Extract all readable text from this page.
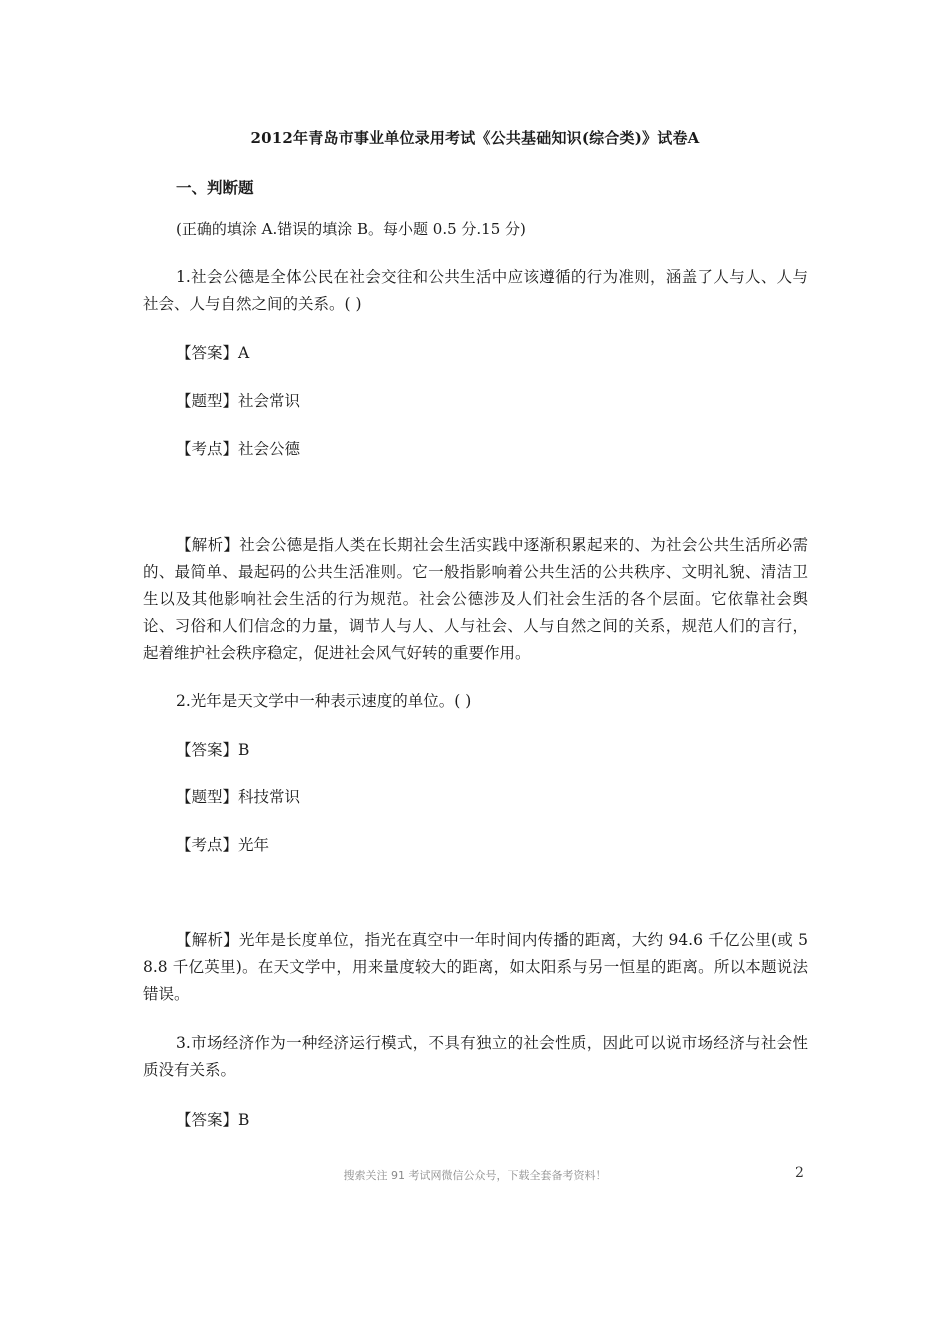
2012年青岛市事业单位录用考试《公共基础知识(综合类)》试卷A
一、判断题
(正确的填涂 A.错误的填涂 B。每小题 0.5 分.15 分)
1.社会公德是全体公民在社会交往和公共生活中应该遵循的行为准则，涵盖了人与人、人与社会、人与自然之间的关系。( )
【答案】A
【题型】社会常识
【考点】社会公德
【解析】社会公德是指人类在长期社会生活实践中逐渐积累起来的、为社会公共生活所必需的、最简单、最起码的公共生活准则。它一般指影响着公共生活的公共秩序、文明礼貌、清洁卫生以及其他影响社会生活的行为规范。社会公德涉及人们社会生活的各个层面。它依靠社会舆论、习俗和人们信念的力量，调节人与人、人与社会、人与自然之间的关系，规范人们的言行，起着维护社会秩序稳定，促进社会风气好转的重要作用。
2.光年是天文学中一种表示速度的单位。( )
【答案】B
【题型】科技常识
【考点】光年
【解析】光年是长度单位，指光在真空中一年时间内传播的距离，大约 94.6 千亿公里(或 58.8 千亿英里)。在天文学中，用来量度较大的距离，如太阳系与另一恒星的距离。所以本题说法错误。
3.市场经济作为一种经济运行模式，不具有独立的社会性质，因此可以说市场经济与社会性质没有关系。
【答案】B
搜索关注 91 考试网微信公众号，下载全套备考资料！	2
